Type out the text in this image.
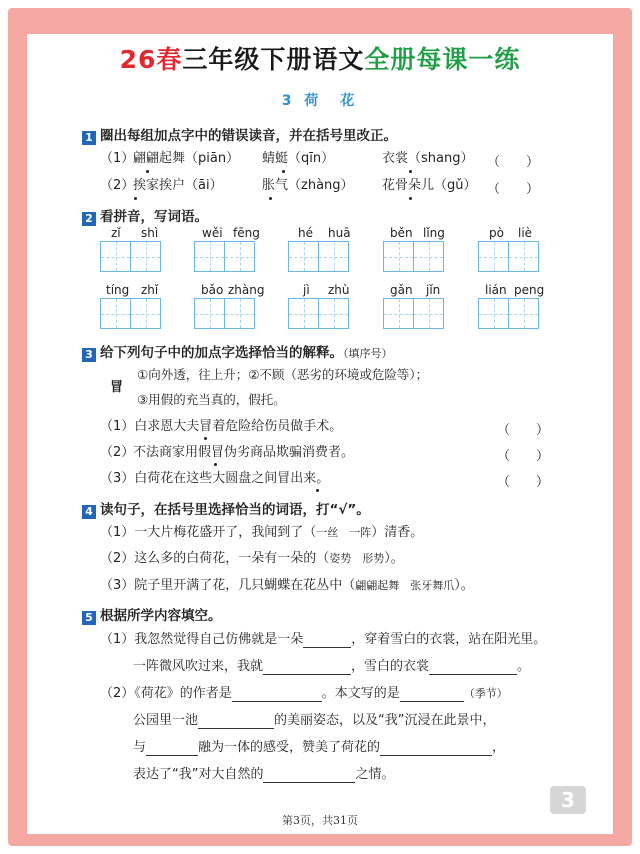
26春三年级下册语文全册每课一练
3 荷　花
1 圈出每组加点字中的错误读音，并在括号里改正。
（1）
翩翩起舞（piān） 蜻蜓（qīn）	衣裳（shang） （　　）
（2）
挨家挨户（āi）	胀气（zhàng） 花骨朵儿（gǔ） （　　）
2 看拼音，写词语。
zǐ shì	wěi fēng	hé huā	běn lǐng	pò liè
tíng zhǐ	bǎo zhàng	jì zhù	gǎn jǐn	lián peng
3 给下列句子中的加点字选择恰当的解释。（填序号）
冒
①向外透，往上升；②不顾（恶劣的环境或危险等）；
③用假的充当真的，假托。
（1）白求恩大夫冒着危险给伤员做手术。	（　　）
（2）
不法商家用假冒伪劣商品欺骗消费者。	（　　）
（3）白荷花在这些大圆盘之间冒出来。	（　　）
4 读句子，在括号里选择恰当的词语，打“√”。
（1）一大片梅花盛开了，我闻到了（一丝　一阵）清香。
（2）这么多的白荷花，一朵有一朵的（姿势　形势）。
（3）院子里开满了花，几只蝴蝶在花丛中（翩翩起舞　张牙舞爪）。
5 根据所学内容填空。
（1）我忽然觉得自己仿佛就是一朵	，穿着雪白的衣裳，站在阳光里。
一阵微风吹过来，我就	，雪白的衣裳	。
（2）《荷花》的作者是	。本文写的是	（季节）
公园里一池	的美丽姿态，以及“我”沉浸在此景中，
与	融为一体的感受，赞美了荷花的	，
表达了“我”对大自然的	之情。
3
第3页，共31页
